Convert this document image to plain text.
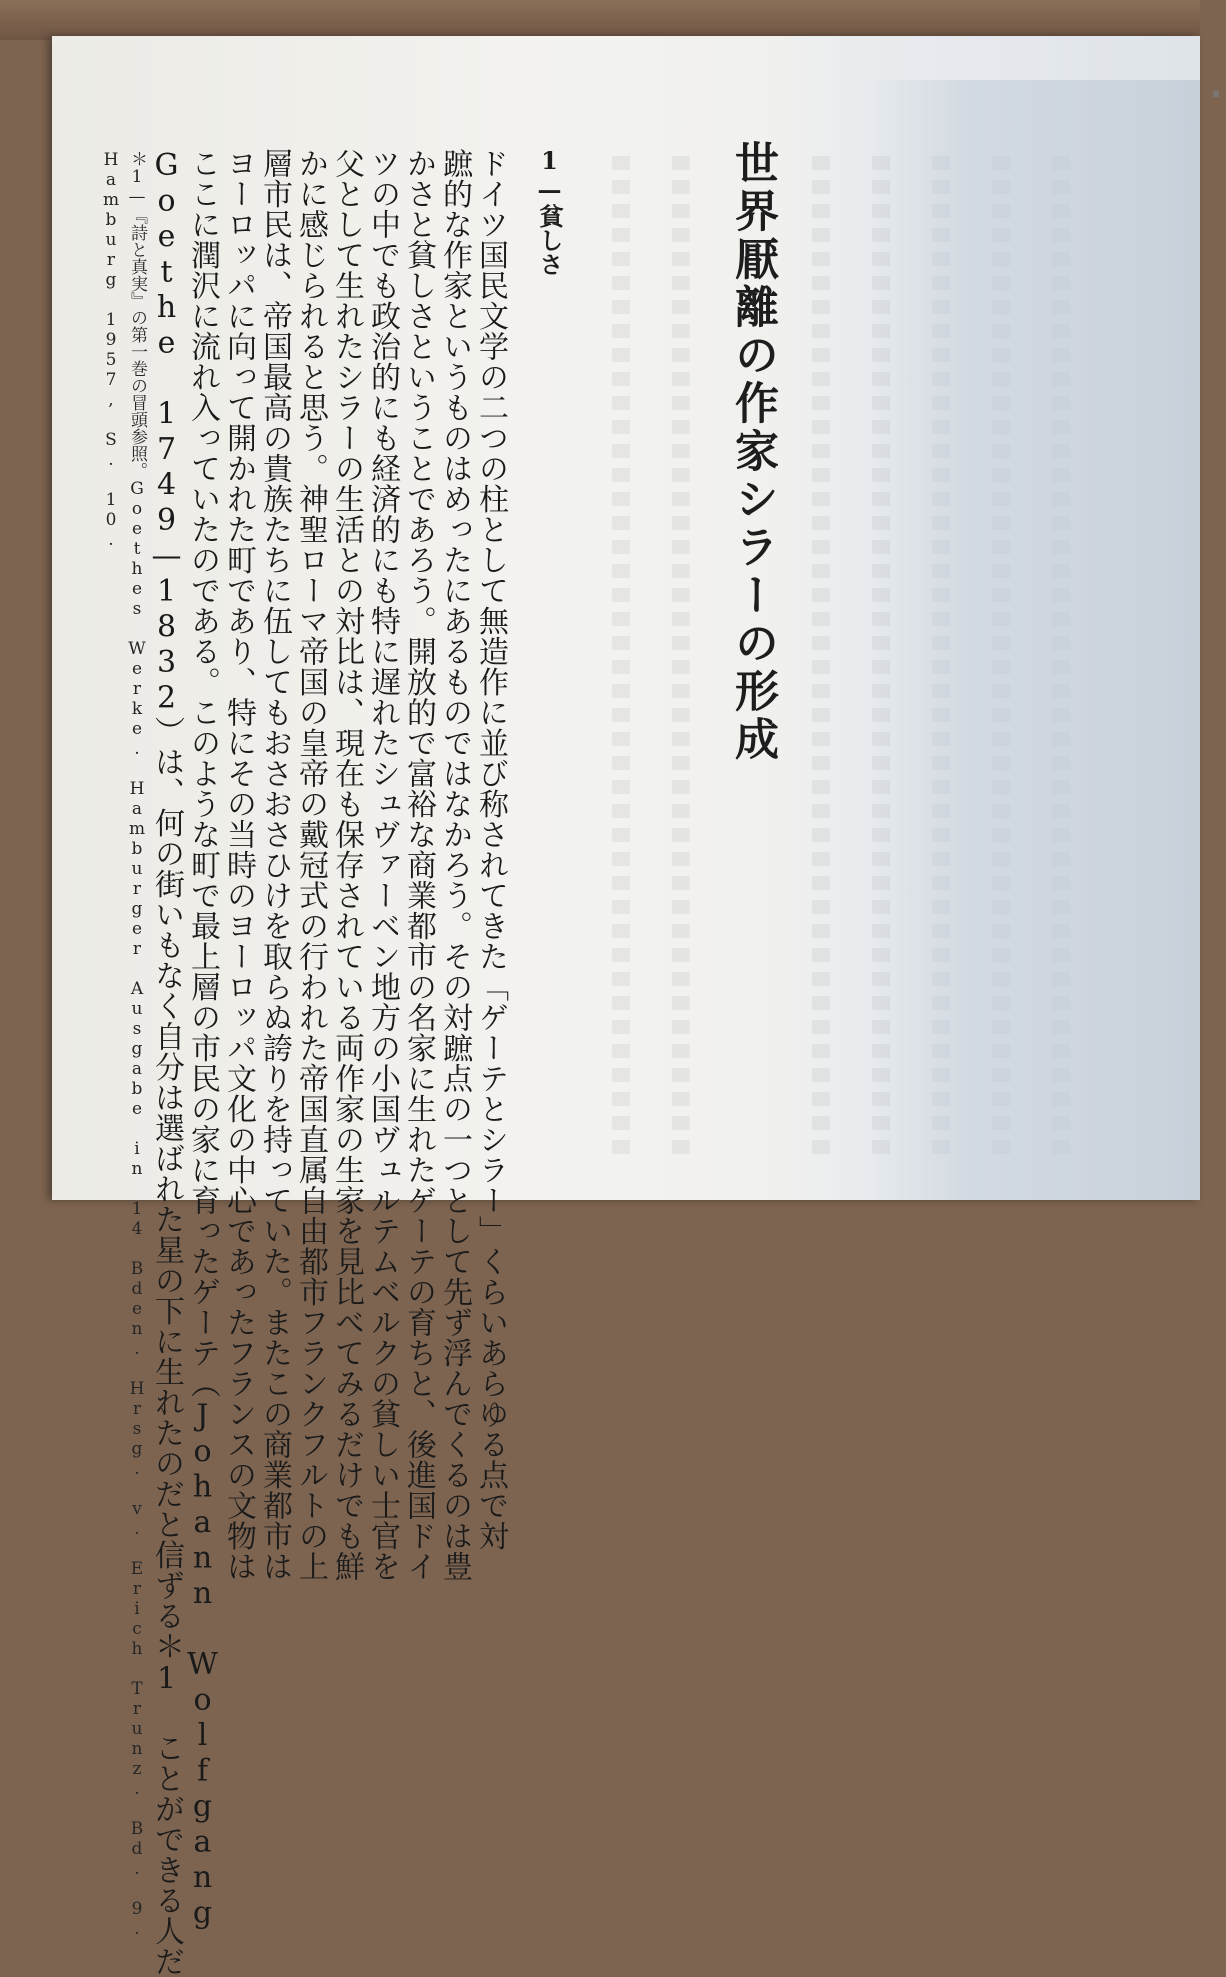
▪
世界厭離の作家シラーの形成
1—貧しさ
ドイツ国民文学の二つの柱として無造作に並び称されてきた「ゲーテとシラー」くらいあらゆる点で対
蹠的な作家というものはめったにあるものではなかろう。その対蹠点の一つとして先ず浮んでくるのは豊
かさと貧しさということであろう。開放的で富裕な商業都市の名家に生れたゲーテの育ちと、後進国ドイ
ツの中でも政治的にも経済的にも特に遅れたシュヴァーベン地方の小国ヴュルテムベルクの貧しい士官を
父として生れたシラーの生活との対比は、現在も保存されている両作家の生家を見比べてみるだけでも鮮
かに感じられると思う。神聖ローマ帝国の皇帝の戴冠式の行われた帝国直属自由都市フランクフルトの上
層市民は、帝国最高の貴族たちに伍してもおさおさひけを取らぬ誇りを持っていた。またこの商業都市は
ヨーロッパに向って開かれた町であり、特にその当時のヨーロッパ文化の中心であったフランスの文物は
ここに潤沢に流れ入っていたのである。このような町で最上層の市民の家に育ったゲーテ（Johann Wolfgang
Goethe 1749—1832）は、何の街いもなく自分は選ばれた星の下に生れたのだと信ずる＊1 ことができる人だ
＊1—『詩と真実』の第一巻の冒頭参照。Goethes Werke. Hamburger Ausgabe in 14 Bden. Hrsg. v. Erich Trunz. Bd. 9.
Hamburg 1957, S. 10.
